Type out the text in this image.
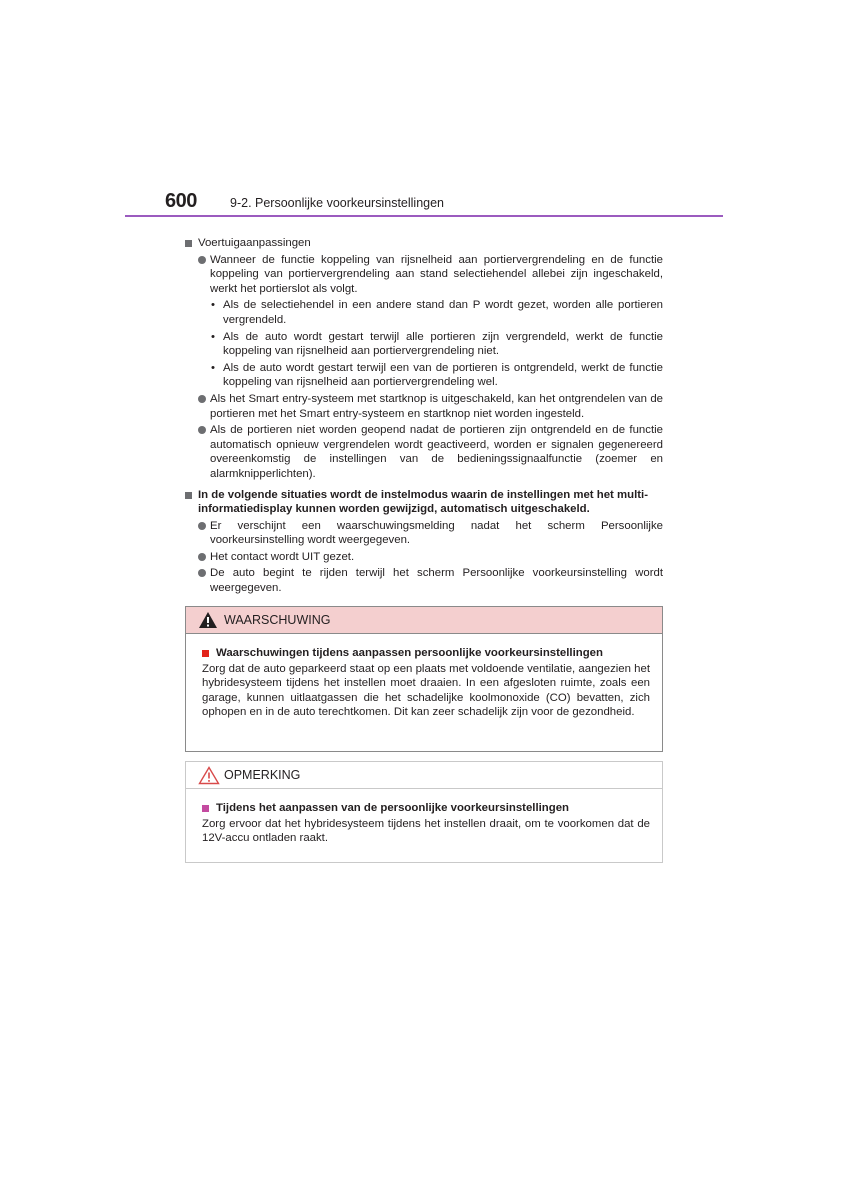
600	9-2. Persoonlijke voorkeursinstellingen
Voertuigaanpassingen
Wanneer de functie koppeling van rijsnelheid aan portiervergrendeling en de functie koppeling van portiervergrendeling aan stand selectiehendel allebei zijn ingeschakeld, werkt het portierslot als volgt.
• Als de selectiehendel in een andere stand dan P wordt gezet, worden alle portieren vergrendeld.
• Als de auto wordt gestart terwijl alle portieren zijn vergrendeld, werkt de functie koppeling van rijsnelheid aan portiervergrendeling niet.
• Als de auto wordt gestart terwijl een van de portieren is ontgrendeld, werkt de functie koppeling van rijsnelheid aan portiervergrendeling wel.
Als het Smart entry-systeem met startknop is uitgeschakeld, kan het ontgrendelen van de portieren met het Smart entry-systeem en startknop niet worden ingesteld.
Als de portieren niet worden geopend nadat de portieren zijn ontgrendeld en de functie automatisch opnieuw vergrendelen wordt geactiveerd, worden er signalen gegenereerd overeenkomstig de instellingen van de bedieningssignaalfunctie (zoemer en alarmknipperlichten).
In de volgende situaties wordt de instelmodus waarin de instellingen met het multi-informatiedisplay kunnen worden gewijzigd, automatisch uitgeschakeld.
Er verschijnt een waarschuwingsmelding nadat het scherm Persoonlijke voorkeursinstelling wordt weergegeven.
Het contact wordt UIT gezet.
De auto begint te rijden terwijl het scherm Persoonlijke voorkeursinstelling wordt weergegeven.
WAARSCHUWING
Waarschuwingen tijdens aanpassen persoonlijke voorkeursinstellingen
Zorg dat de auto geparkeerd staat op een plaats met voldoende ventilatie, aangezien het hybridesysteem tijdens het instellen moet draaien. In een afgesloten ruimte, zoals een garage, kunnen uitlaatgassen die het schadelijke koolmonoxide (CO) bevatten, zich ophopen en in de auto terechtkomen. Dit kan zeer schadelijk zijn voor de gezondheid.
OPMERKING
Tijdens het aanpassen van de persoonlijke voorkeursinstellingen
Zorg ervoor dat het hybridesysteem tijdens het instellen draait, om te voorkomen dat de 12V-accu ontladen raakt.
